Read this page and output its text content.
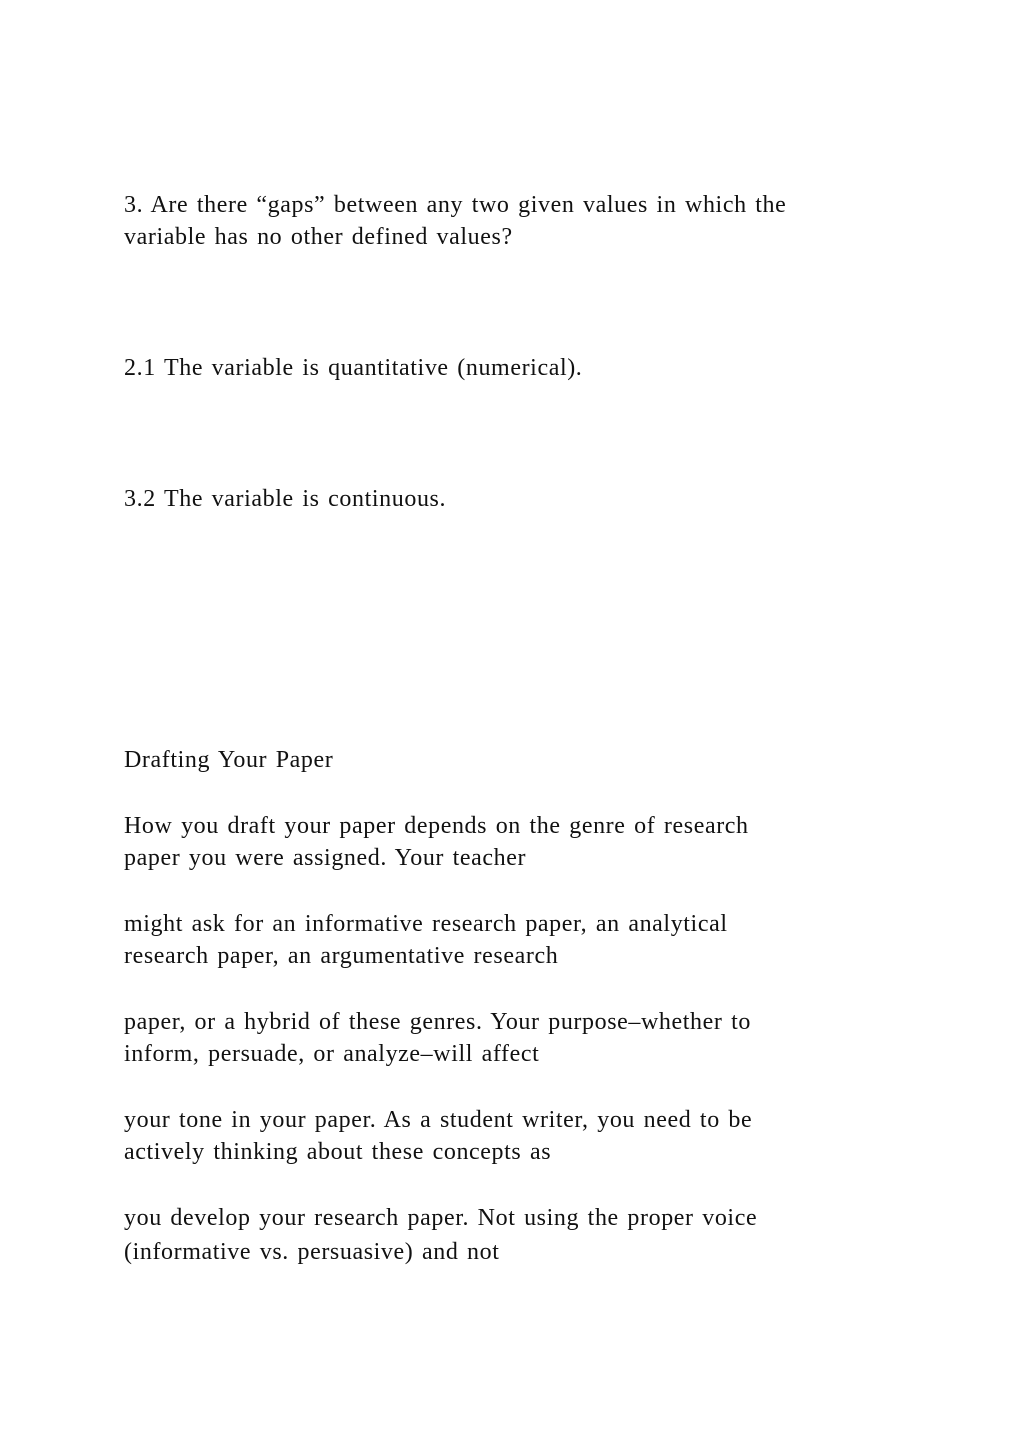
3. Are there “gaps” between any two given values in which the

variable has no other defined values?

2.1 The variable is quantitative (numerical).

3.2 The variable is continuous.

Drafting Your Paper

How you draft your paper depends on the genre of research

paper you were assigned. Your teacher

might ask for an informative research paper, an analytical

research paper, an argumentative research

paper, or a hybrid of these genres. Your purpose–whether to

inform, persuade, or analyze–will affect

your tone in your paper. As a student writer, you need to be

actively thinking about these concepts as

you develop your research paper. Not using the proper voice

(informative vs. persuasive) and not
